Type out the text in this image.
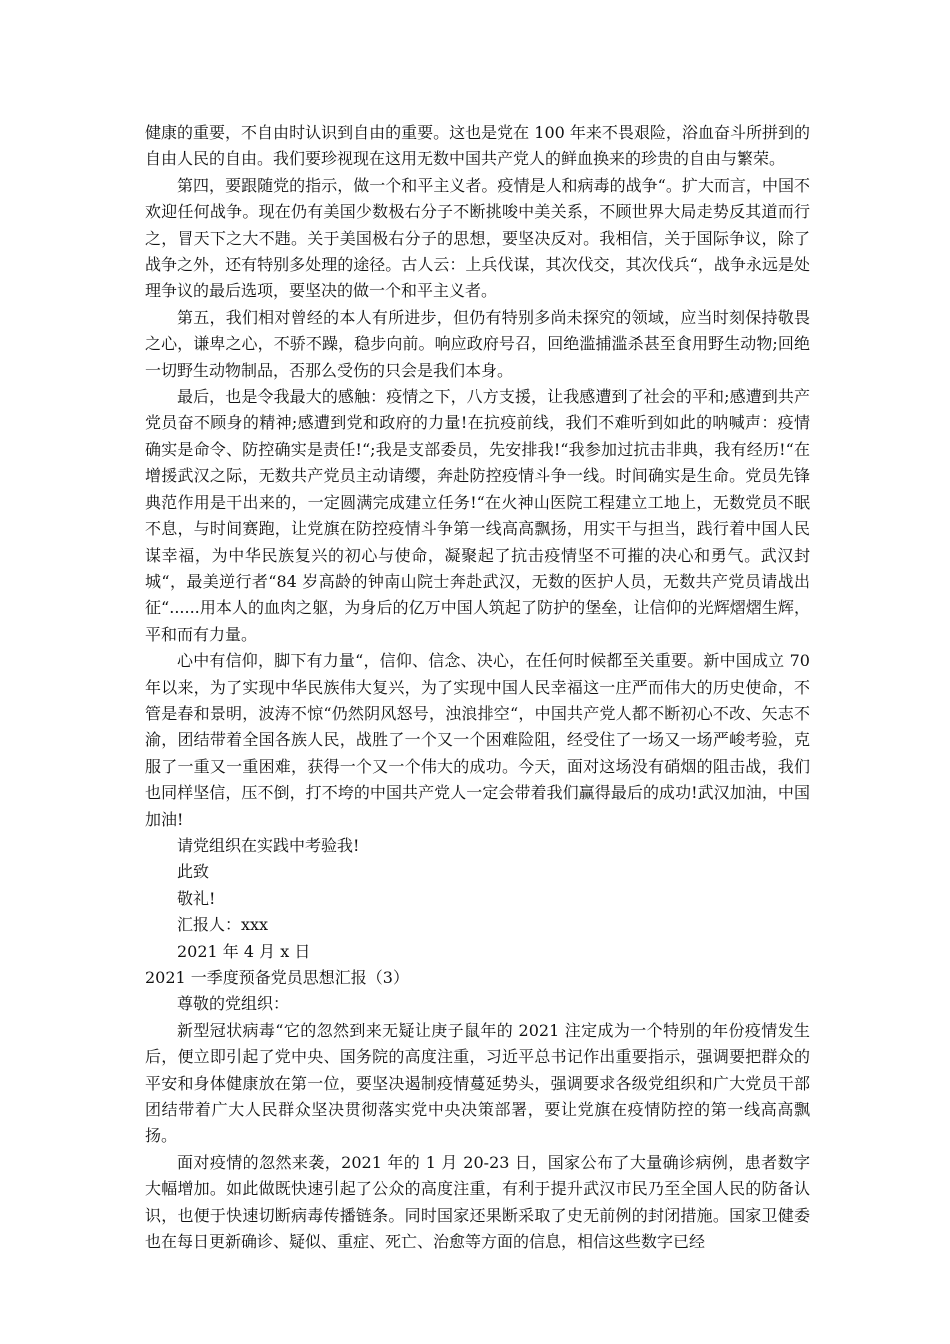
健康的重要，不自由时认识到自由的重要。这也是党在 100 年来不畏艰险，浴血奋斗所拼到的自由人民的自由。我们要珍视现在这用无数中国共产党人的鲜血换来的珍贵的自由与繁荣。

第四，要跟随党的指示，做一个和平主义者。疫情是人和病毒的战争“。扩大而言，中国不欢迎任何战争。现在仍有美国少数极右分子不断挑唆中美关系，不顾世界大局走势反其道而行之，冒天下之大不韪。关于美国极右分子的思想，要坚决反对。我相信，关于国际争议，除了战争之外，还有特别多处理的途径。古人云：上兵伐谋，其次伐交，其次伐兵“，战争永远是处理争议的最后选项，要坚决的做一个和平主义者。

第五，我们相对曾经的本人有所进步，但仍有特别多尚未探究的领域，应当时刻保持敬畏之心，谦卑之心，不骄不躁，稳步向前。响应政府号召，回绝滥捕滥杀甚至食用野生动物;回绝一切野生动物制品，否那么受伤的只会是我们本身。

最后，也是令我最大的感触：疫情之下，八方支援，让我感遭到了社会的平和;感遭到共产党员奋不顾身的精神;感遭到党和政府的力量!在抗疫前线，我们不难听到如此的呐喊声：疫情确实是命令、防控确实是责任!“;我是支部委员，先安排我!“我参加过抗击非典，我有经历!“在增援武汉之际，无数共产党员主动请缨，奔赴防控疫情斗争一线。时间确实是生命。党员先锋典范作用是干出来的，一定圆满完成建立任务!“在火神山医院工程建立工地上，无数党员不眠不息，与时间赛跑，让党旗在防控疫情斗争第一线高高飘扬，用实干与担当，践行着中国人民谋幸福，为中华民族复兴的初心与使命，凝聚起了抗击疫情坚不可摧的决心和勇气。武汉封城“，最美逆行者“84 岁高龄的钟南山院士奔赴武汉，无数的医护人员，无数共产党员请战出征“......用本人的血肉之躯，为身后的亿万中国人筑起了防护的堡垒，让信仰的光辉熠熠生辉，平和而有力量。

心中有信仰，脚下有力量“，信仰、信念、决心，在任何时候都至关重要。新中国成立 70 年以来，为了实现中华民族伟大复兴，为了实现中国人民幸福这一庄严而伟大的历史使命，不管是春和景明，波涛不惊“仍然阴风怒号，浊浪排空“，中国共产党人都不断初心不改、矢志不渝，团结带着全国各族人民，战胜了一个又一个困难险阻，经受住了一场又一场严峻考验，克服了一重又一重困难，获得一个又一个伟大的成功。今天，面对这场没有硝烟的阻击战，我们也同样坚信，压不倒，打不垮的中国共产党人一定会带着我们赢得最后的成功!武汉加油，中国加油!

请党组织在实践中考验我!

此致

敬礼!

汇报人：xxx

2021 年 4 月 x 日

2021 一季度预备党员思想汇报（3）

尊敬的党组织：

新型冠状病毒“它的忽然到来无疑让庚子鼠年的 2021 注定成为一个特别的年份疫情发生后，便立即引起了党中央、国务院的高度注重，习近平总书记作出重要指示，强调要把群众的平安和身体健康放在第一位，要坚决遏制疫情蔓延势头，强调要求各级党组织和广大党员干部团结带着广大人民群众坚决贯彻落实党中央决策部署，要让党旗在疫情防控的第一线高高飘扬。

面对疫情的忽然来袭，2021 年的 1 月 20-23 日，国家公布了大量确诊病例，患者数字大幅增加。如此做既快速引起了公众的高度注重，有利于提升武汉市民乃至全国人民的防备认识，也便于快速切断病毒传播链条。同时国家还果断采取了史无前例的封闭措施。国家卫健委也在每日更新确诊、疑似、重症、死亡、治愈等方面的信息，相信这些数字已经
